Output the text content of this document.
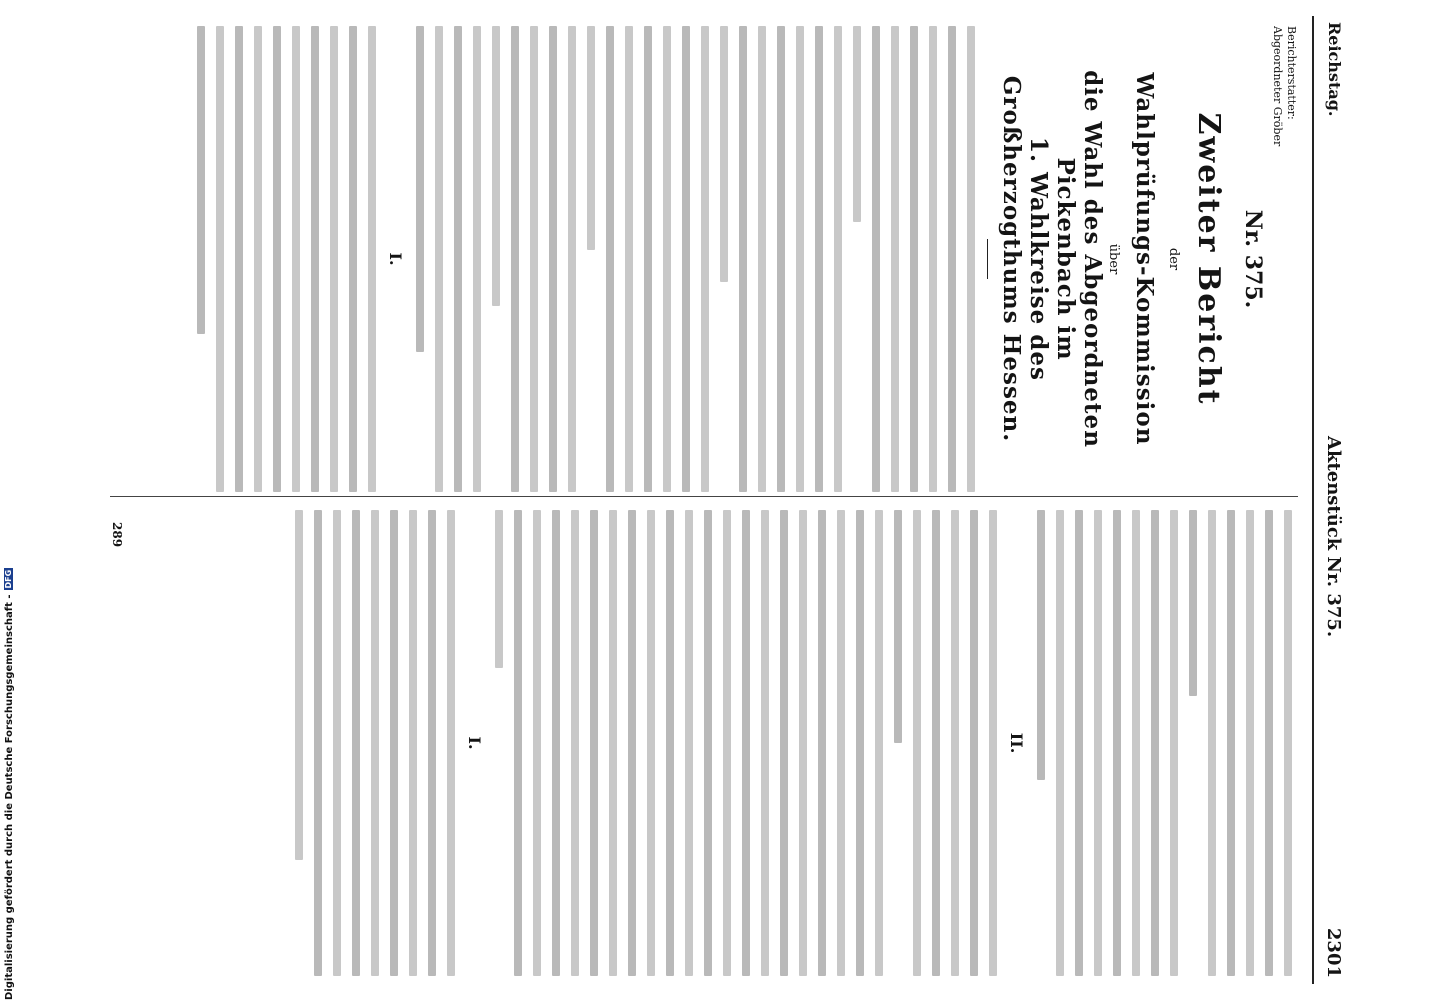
Reichstag.
Aktenstück Nr. 375.
2301
Berichterstatter:
Abgeordneter Gröber
Nr. 375.
Zweiter Bericht
der
Wahlprüfungs-Kommission
über
die Wahl des Abgeordneten Pickenbach im
1. Wahlkreise des Großherzogthums Hessen.
I.
II.
I.
289
Digitalisierung gefördert durch die Deutsche Forschungsgemeinschaft -DFG
